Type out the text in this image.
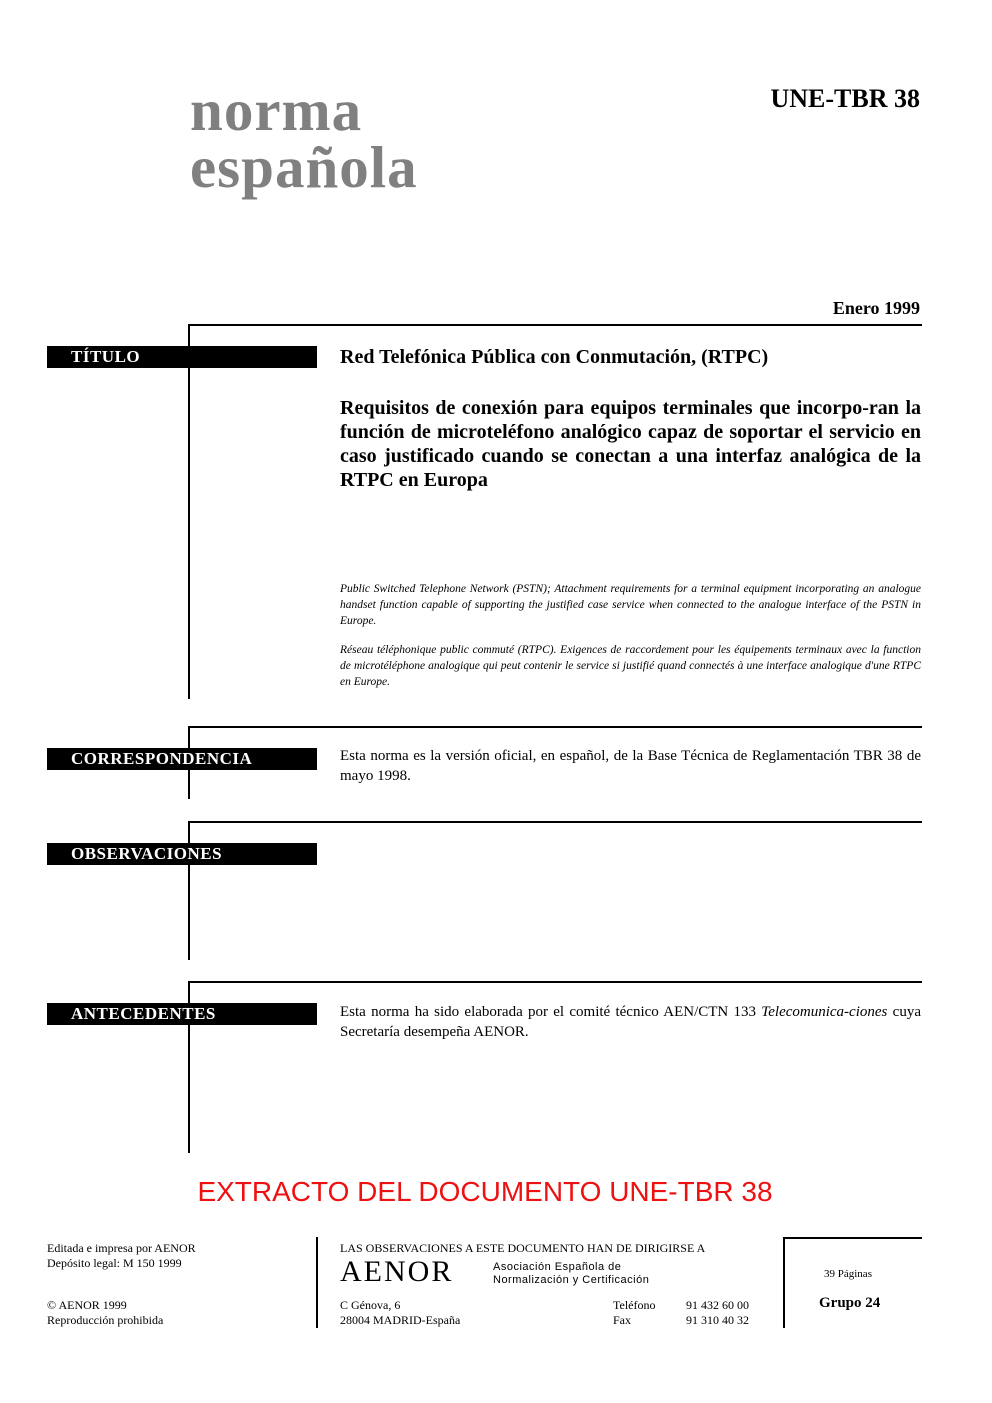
norma
española
UNE-TBR 38
Enero 1999
TÍTULO	Red Telefónica Pública con Conmutación, (RTPC)
Requisitos de conexión para equipos terminales que incorpo-ran la función de microteléfono analógico capaz de soportar el servicio en caso justificado cuando se conectan a una interfaz analógica de la RTPC en Europa
Public Switched Telephone Network (PSTN); Attachment requirements for a terminal equipment incorporating an analogue handset function capable of supporting the justified case service when connected to the analogue interface of the PSTN in Europe.
Réseau téléphonique public commuté (RTPC). Exigences de raccordement pour les équipements terminaux avec la function de microtéléphone analogique qui peut contenir le service si justifié quand connectés à une interface analogique d'une RTPC en Europe.
CORRESPONDENCIA	Esta norma es la versión oficial, en español, de la Base Técnica de Reglamentación TBR 38 de mayo 1998.
OBSERVACIONES
ANTECEDENTES	Esta norma ha sido elaborada por el comité técnico AEN/CTN 133 Telecomunica-ciones cuya Secretaría desempeña AENOR.
EXTRACTO DEL DOCUMENTO UNE-TBR 38
Editada e impresa por AENOR
Depósito legal: M 150 1999
© AENOR 1999
Reproducción prohibida
LAS OBSERVACIONES A ESTE DOCUMENTO HAN DE DIRIGIRSE A
AENOR	Asociación Española de
Normalización y Certificación
C Génova, 6
28004 MADRID-España
Teléfono	91 432 60 00
Fax	91 310 40 32
39 Páginas
Grupo 24
